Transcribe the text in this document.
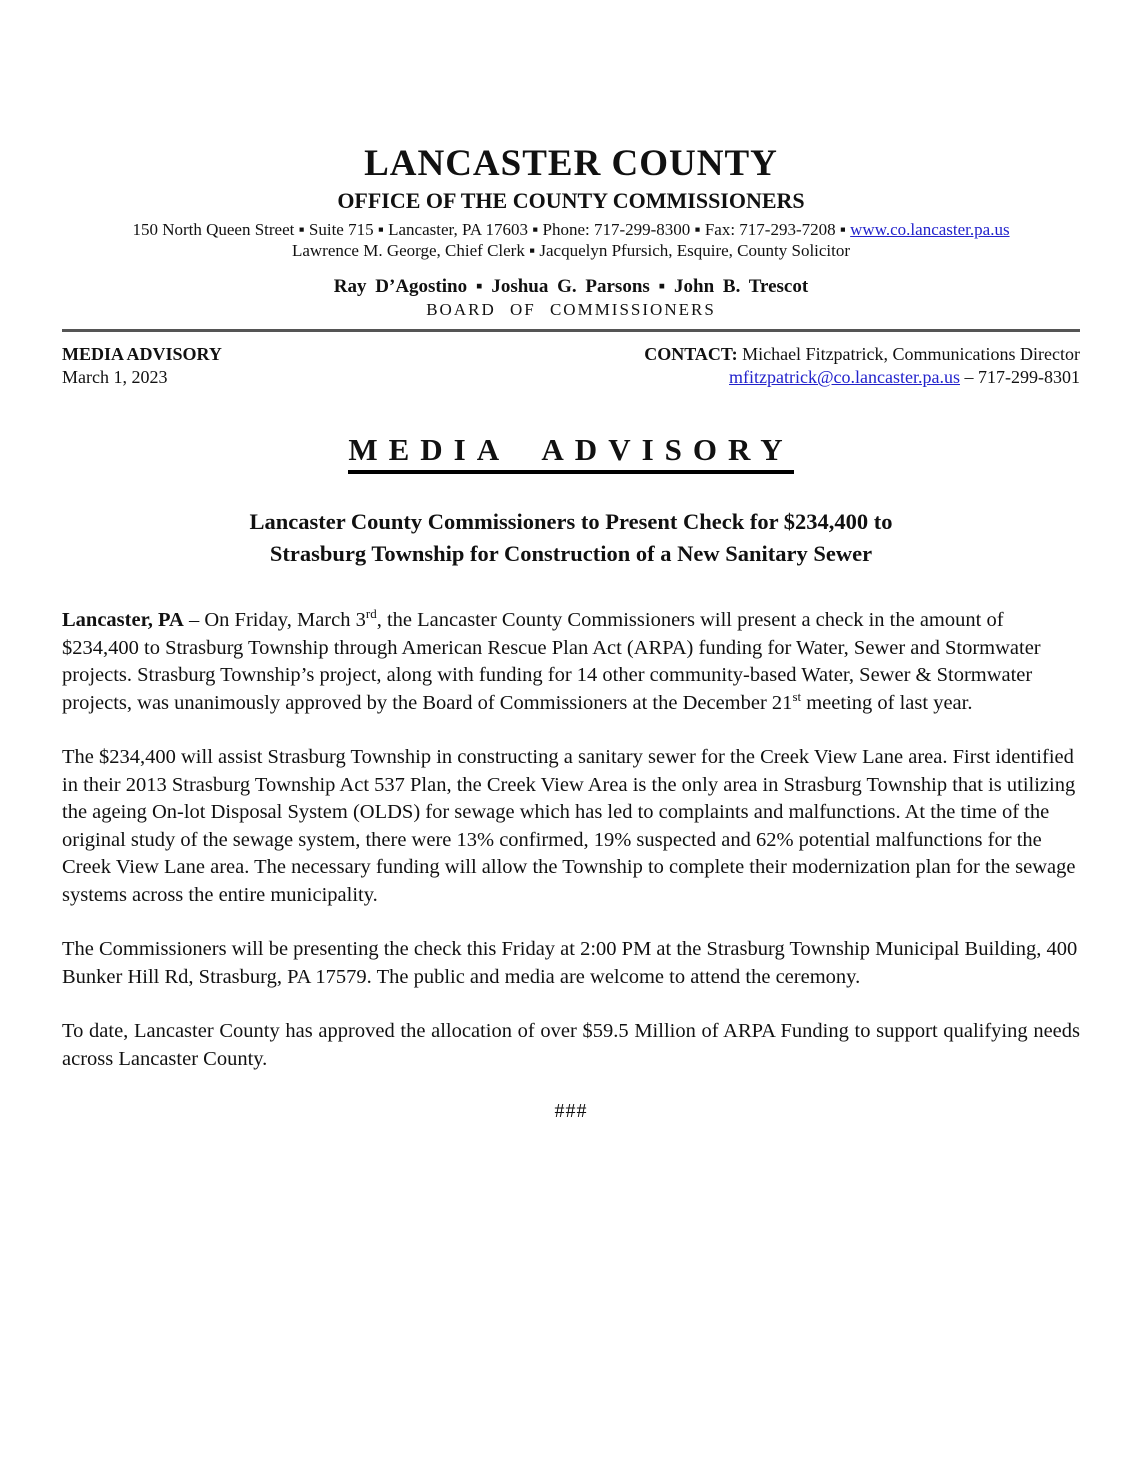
LANCASTER COUNTY
OFFICE OF THE COUNTY COMMISSIONERS
150 North Queen Street ▪ Suite 715 ▪ Lancaster, PA 17603 ▪ Phone: 717-299-8300 ▪ Fax: 717-293-7208 ▪ www.co.lancaster.pa.us
Lawrence M. George, Chief Clerk ▪ Jacquelyn Pfursich, Esquire, County Solicitor
Ray D’Agostino ▪ Joshua G. Parsons ▪ John B. Trescot
BOARD OF COMMISSIONERS
MEDIA ADVISORY
March 1, 2023
CONTACT: Michael Fitzpatrick, Communications Director
mfitzpatrick@co.lancaster.pa.us – 717-299-8301
MEDIA ADVISORY
Lancaster County Commissioners to Present Check for $234,400 to
Strasburg Township for Construction of a New Sanitary Sewer

Lancaster, PA – On Friday, March 3rd, the Lancaster County Commissioners will present a check in the amount of $234,400 to Strasburg Township through American Rescue Plan Act (ARPA) funding for Water, Sewer and Stormwater projects. Strasburg Township’s project, along with funding for 14 other community-based Water, Sewer & Stormwater projects, was unanimously approved by the Board of Commissioners at the December 21st meeting of last year.

The $234,400 will assist Strasburg Township in constructing a sanitary sewer for the Creek View Lane area. First identified in their 2013 Strasburg Township Act 537 Plan, the Creek View Area is the only area in Strasburg Township that is utilizing the ageing On-lot Disposal System (OLDS) for sewage which has led to complaints and malfunctions. At the time of the original study of the sewage system, there were 13% confirmed, 19% suspected and 62% potential malfunctions for the Creek View Lane area. The necessary funding will allow the Township to complete their modernization plan for the sewage systems across the entire municipality.

The Commissioners will be presenting the check this Friday at 2:00 PM at the Strasburg Township Municipal Building, 400 Bunker Hill Rd, Strasburg, PA 17579. The public and media are welcome to attend the ceremony.

To date, Lancaster County has approved the allocation of over $59.5 Million of ARPA Funding to support qualifying needs across Lancaster County.

###
